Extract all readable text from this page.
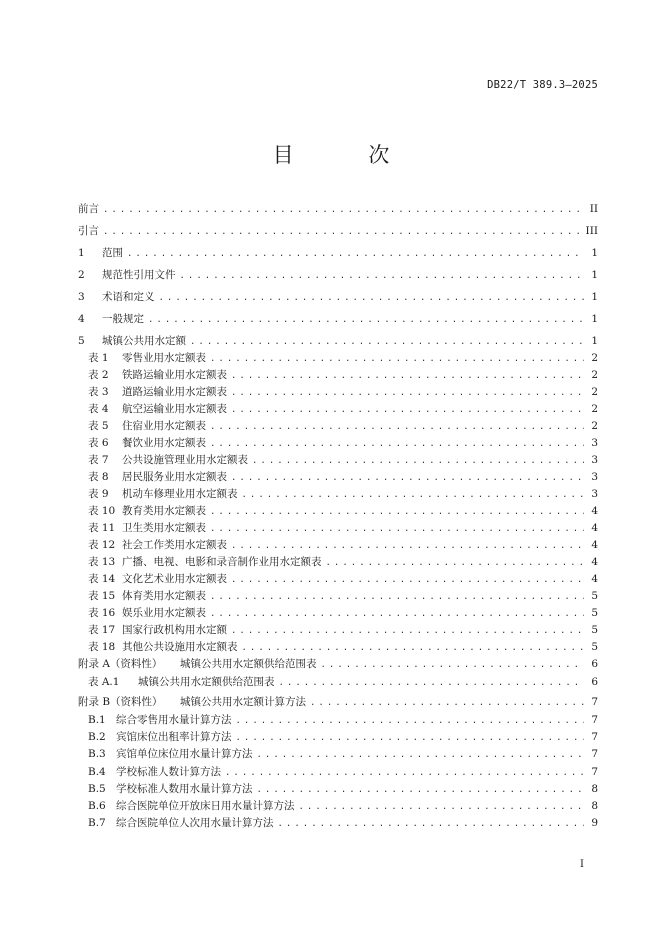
DB22/T 389.3—2025
目 次
前言 . . .	II
引言 . . .	III
1	范围 . . .	1
2	规范性引用文件 . . .	1
3	术语和定义 . . .	1
4	一般规定 . . .	1
5	城镇公共用水定额 . . .	1
表 1	零售业用水定额表 . . .	2
表 2	铁路运输业用水定额表 . . .	2
表 3	道路运输业用水定额表 . . .	2
表 4	航空运输业用水定额表 . . .	2
表 5	住宿业用水定额表 . . .	2
表 6	餐饮业用水定额表 . . .	3
表 7	公共设施管理业用水定额表 . . .	3
表 8	居民服务业用水定额表 . . .	3
表 9	机动车修理业用水定额表 . . .	3
表 10 教育类用水定额表 . . .	4
表 11 卫生类用水定额表 . . .	4
表 12 社会工作类用水定额表 . . .	4
表 13 广播、电视、电影和录音制作业用水定额表 . . .	4
表 14 文化艺术业用水定额表 . . .	4
表 15 体育类用水定额表 . . .	5
表 16 娱乐业用水定额表 . . .	5
表 17 国家行政机构用水定额 . . .	5
表 18 其他公共设施用水定额表 . . .	5
附录 A（资料性）	城镇公共用水定额供给范围表 . . .	6
表 A.1	城镇公共用水定额供给范围表 . . .	6
附录 B（资料性）	城镇公共用水定额计算方法 . . .	7
B.1 综合零售用水量计算方法 . . .	7
B.2 宾馆床位出租率计算方法 . . .	7
B.3 宾馆单位床位用水量计算方法 . . .	7
B.4 学校标准人数计算方法 . . .	7
B.5 学校标准人数用水量计算方法 . . .	8
B.6 综合医院单位开放床日用水量计算方法 . . .	8
B.7 综合医院单位人次用水量计算方法 . . .	9
I
